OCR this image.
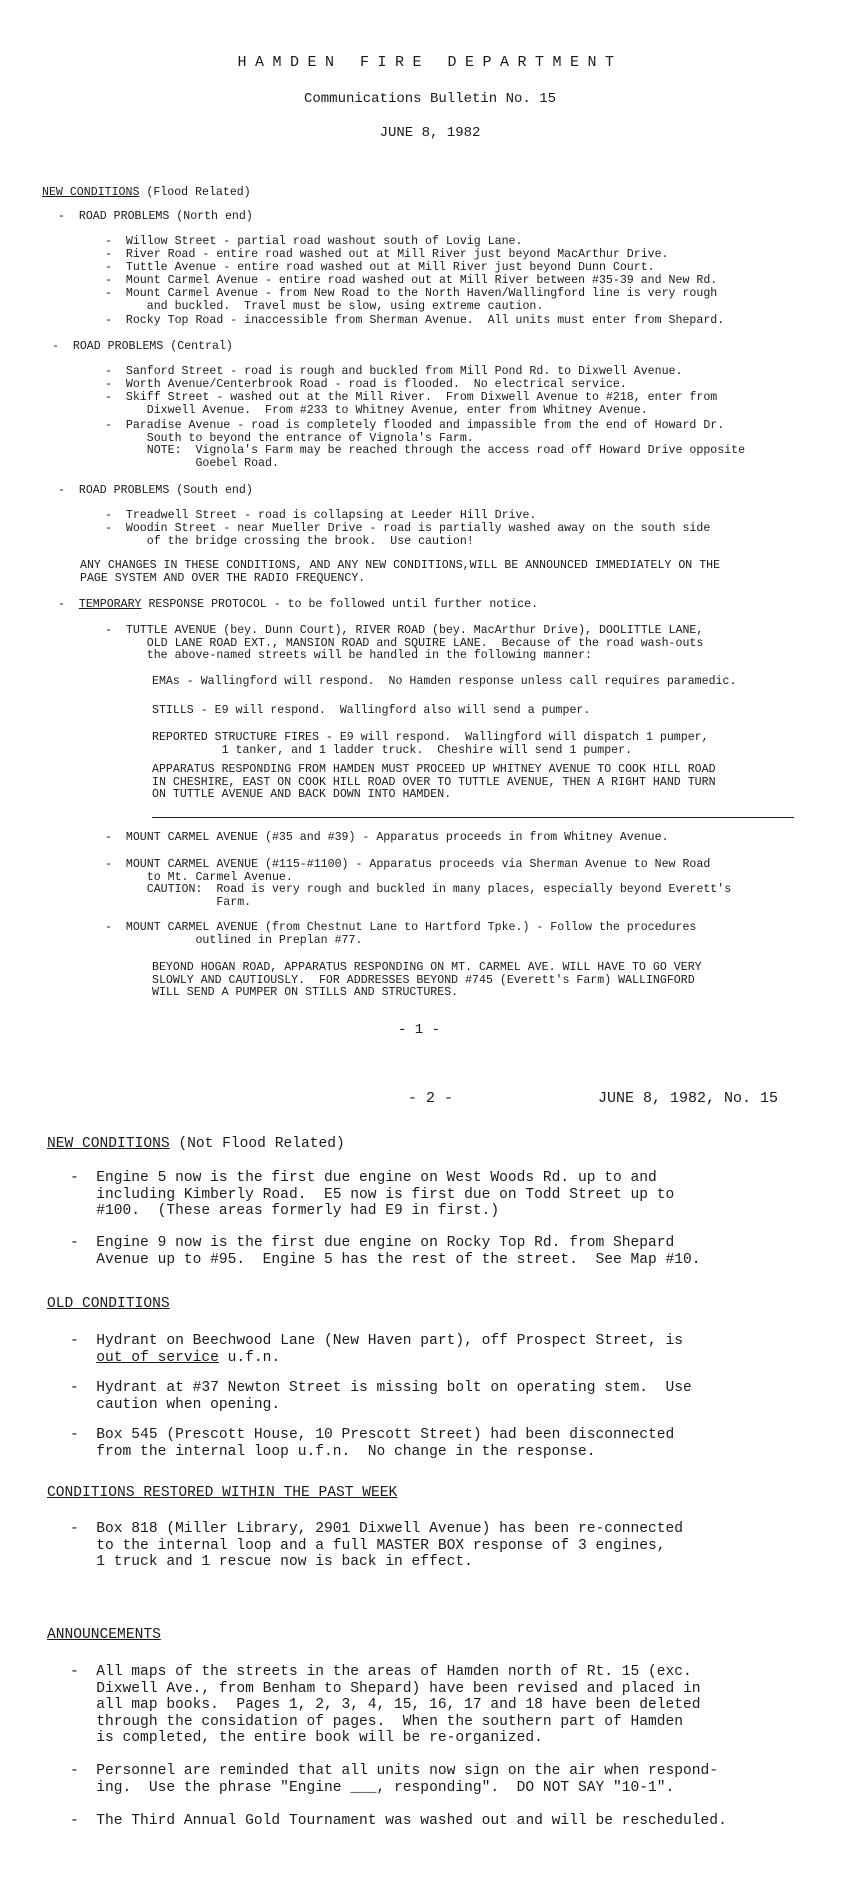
HAMDEN FIRE DEPARTMENT
Communications Bulletin No. 15
JUNE 8, 1982
NEW CONDITIONS (Flood Related)
-  ROAD PROBLEMS (North end)
-  Willow Street - partial road washout south of Lovig Lane.
-  River Road - entire road washed out at Mill River just beyond MacArthur Drive.
-  Tuttle Avenue - entire road washed out at Mill River just beyond Dunn Court.
-  Mount Carmel Avenue - entire road washed out at Mill River between #35-39 and New Rd.
-  Mount Carmel Avenue - from New Road to the North Haven/Wallingford line is very rough
and buckled.  Travel must be slow, using extreme caution.
-  Rocky Top Road - inaccessible from Sherman Avenue.  All units must enter from Shepard.
-  ROAD PROBLEMS (Central)
-  Sanford Street - road is rough and buckled from Mill Pond Rd. to Dixwell Avenue.
-  Worth Avenue/Centerbrook Road - road is flooded.  No electrical service.
-  Skiff Street - washed out at the Mill River.  From Dixwell Avenue to #218, enter from
Dixwell Avenue.  From #233 to Whitney Avenue, enter from Whitney Avenue.
-  Paradise Avenue - road is completely flooded and impassible from the end of Howard Dr.
South to beyond the entrance of Vignola's Farm.
NOTE:  Vignola's Farm may be reached through the access road off Howard Drive opposite
Goebel Road.
-  ROAD PROBLEMS (South end)
-  Treadwell Street - road is collapsing at Leeder Hill Drive.
-  Woodin Street - near Mueller Drive - road is partially washed away on the south side
of the bridge crossing the brook.  Use caution!
ANY CHANGES IN THESE CONDITIONS, AND ANY NEW CONDITIONS,WILL BE ANNOUNCED IMMEDIATELY ON THE
PAGE SYSTEM AND OVER THE RADIO FREQUENCY.
-  TEMPORARY RESPONSE PROTOCOL - to be followed until further notice.
-  TUTTLE AVENUE (bey. Dunn Court), RIVER ROAD (bey. MacArthur Drive), DOOLITTLE LANE,
OLD LANE ROAD EXT., MANSION ROAD and SQUIRE LANE.  Because of the road wash-outs
the above-named streets will be handled in the following manner:
EMAs - Wallingford will respond.  No Hamden response unless call requires paramedic.
STILLS - E9 will respond.  Wallingford also will send a pumper.
REPORTED STRUCTURE FIRES - E9 will respond.  Wallingford will dispatch 1 pumper,
1 tanker, and 1 ladder truck.  Cheshire will send 1 pumper.
APPARATUS RESPONDING FROM HAMDEN MUST PROCEED UP WHITNEY AVENUE TO COOK HILL ROAD
IN CHESHIRE, EAST ON COOK HILL ROAD OVER TO TUTTLE AVENUE, THEN A RIGHT HAND TURN
ON TUTTLE AVENUE AND BACK DOWN INTO HAMDEN.
-  MOUNT CARMEL AVENUE (#35 and #39) - Apparatus proceeds in from Whitney Avenue.
-  MOUNT CARMEL AVENUE (#115-#1100) - Apparatus proceeds via Sherman Avenue to New Road
to Mt. Carmel Avenue.
CAUTION:  Road is very rough and buckled in many places, especially beyond Everett's
Farm.
-  MOUNT CARMEL AVENUE (from Chestnut Lane to Hartford Tpke.) - Follow the procedures
outlined in Preplan #77.
BEYOND HOGAN ROAD, APPARATUS RESPONDING ON MT. CARMEL AVE. WILL HAVE TO GO VERY
SLOWLY AND CAUTIOUSLY.  FOR ADDRESSES BEYOND #745 (Everett's Farm) WALLINGFORD
WILL SEND A PUMPER ON STILLS AND STRUCTURES.
- 1 -
- 2 -	JUNE 8, 1982, No. 15
NEW CONDITIONS (Not Flood Related)
-  Engine 5 now is the first due engine on West Woods Rd. up to and
including Kimberly Road.  E5 now is first due on Todd Street up to
#100.  (These areas formerly had E9 in first.)
-  Engine 9 now is the first due engine on Rocky Top Rd. from Shepard
Avenue up to #95.  Engine 5 has the rest of the street.  See Map #10.
OLD CONDITIONS
-  Hydrant on Beechwood Lane (New Haven part), off Prospect Street, is
out of service u.f.n.
-  Hydrant at #37 Newton Street is missing bolt on operating stem.  Use
caution when opening.
-  Box 545 (Prescott House, 10 Prescott Street) had been disconnected
from the internal loop u.f.n.  No change in the response.
CONDITIONS RESTORED WITHIN THE PAST WEEK
-  Box 818 (Miller Library, 2901 Dixwell Avenue) has been re-connected
to the internal loop and a full MASTER BOX response of 3 engines,
1 truck and 1 rescue now is back in effect.
ANNOUNCEMENTS
-  All maps of the streets in the areas of Hamden north of Rt. 15 (exc.
Dixwell Ave., from Benham to Shepard) have been revised and placed in
all map books.  Pages 1, 2, 3, 4, 15, 16, 17 and 18 have been deleted
through the considation of pages.  When the southern part of Hamden
is completed, the entire book will be re-organized.
-  Personnel are reminded that all units now sign on the air when respond-
ing.  Use the phrase "Engine ___, responding".  DO NOT SAY "10-1".
-  The Third Annual Gold Tournament was washed out and will be rescheduled.
